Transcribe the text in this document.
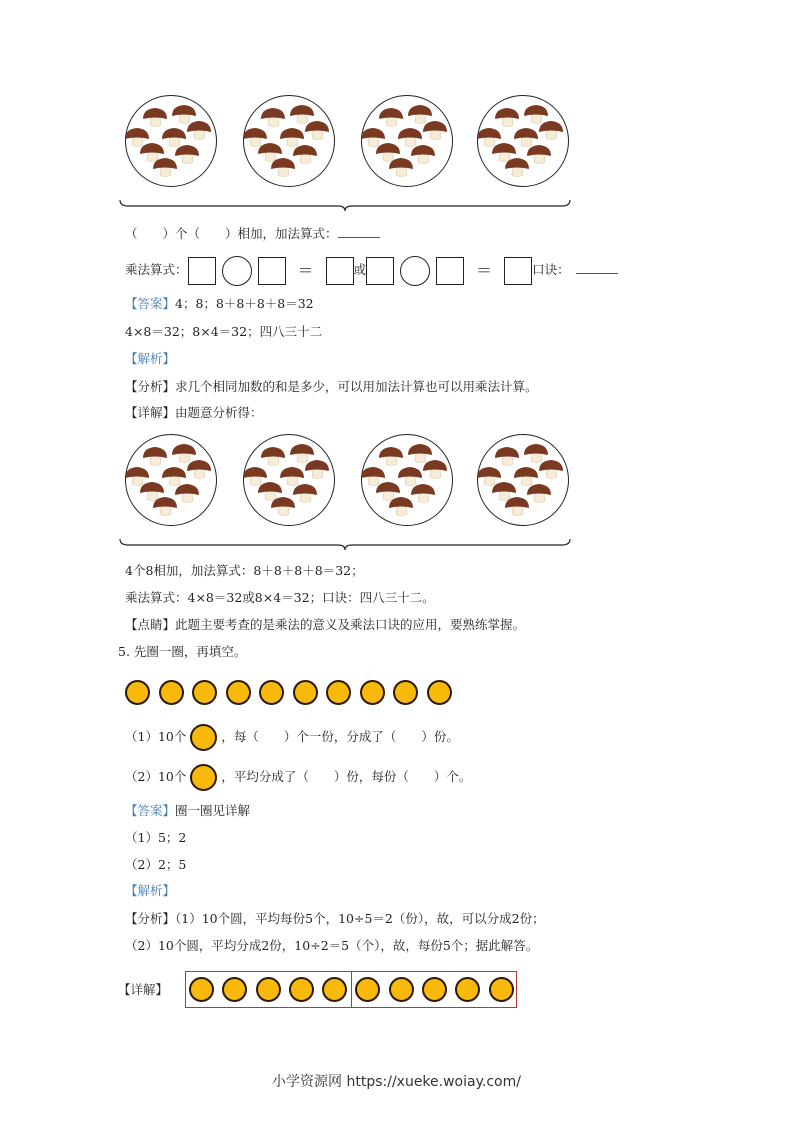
（　　）个（　　）相加，加法算式：
乘法算式：	＝	或	＝	口诀：
【答案】4；8；8＋8＋8＋8＝32
4×8＝32；8×4＝32；四八三十二
【解析】
【分析】求几个相同加数的和是多少，可以用加法计算也可以用乘法计算。
【详解】由题意分析得：
4个8相加，加法算式：8＋8＋8＋8＝32；
乘法算式：4×8＝32或8×4＝32；口诀：四八三十二。
【点睛】此题主要考查的是乘法的意义及乘法口诀的应用，要熟练掌握。
5. 先圈一圈，再填空。
（1）10个	，每（　　）个一份，分成了（　　）份。
（2）10个	，平均分成了（　　）份，每份（　　）个。
【答案】圈一圈见详解
（1）5；2
（2）2；5
【解析】
【分析】（1）10个圆，平均每份5个，10÷5＝2（份），故，可以分成2份；
（2）10个圆，平均分成2份，10÷2＝5（个），故，每份5个；据此解答。
【详解】
小学资源网 https://xueke.woiay.com/
